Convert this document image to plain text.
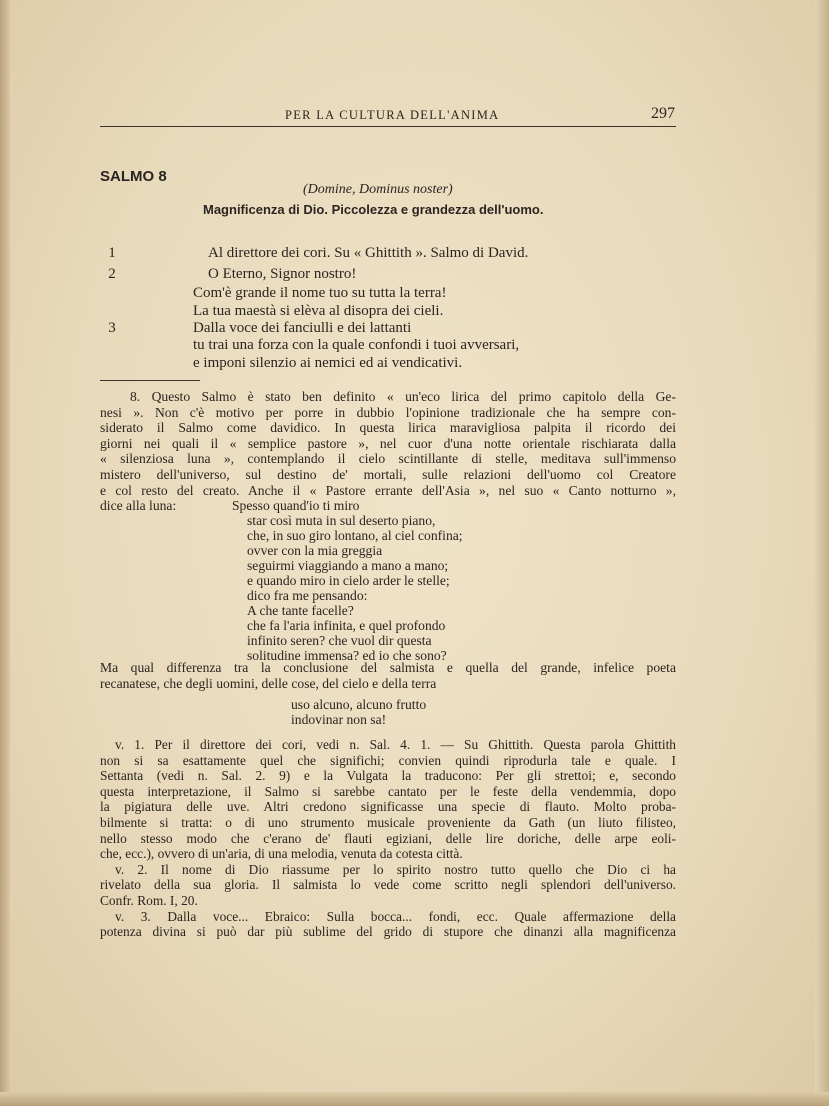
PER LA CULTURA DELL'ANIMA	297
SALMO 8
(Domine, Dominus noster)
Magnificenza di Dio. Piccolezza e grandezza dell'uomo.
1	Al direttore dei cori. Su « Ghittith ». Salmo di David.
2	O Eterno, Signor nostro!
Com'è grande il nome tuo su tutta la terra!
La tua maestà si elèva al disopra dei cieli.
3	Dalla voce dei fanciulli e dei lattanti
tu trai una forza con la quale confondi i tuoi avversari,
e imponi silenzio ai nemici ed ai vendicativi.
8. Questo Salmo è stato ben definito « un'eco lirica del primo capitolo della Ge-
nesi ». Non c'è motivo per porre in dubbio l'opinione tradizionale che ha sempre con-
siderato il Salmo come davidico. In questa lirica maravigliosa palpita il ricordo dei
giorni nei quali il « semplice pastore », nel cuor d'una notte orientale rischiarata dalla
« silenziosa luna », contemplando il cielo scintillante di stelle, meditava sull'immenso
mistero dell'universo, sul destino de' mortali, sulle relazioni dell'uomo col Creatore
e col resto del creato. Anche il « Pastore errante dell'Asia », nel suo « Canto notturno »,
dice alla luna:	Spesso quand'io ti miro
star così muta in sul deserto piano,
che, in suo giro lontano, al ciel confina;
ovver con la mia greggia
seguirmi viaggiando a mano a mano;
e quando miro in cielo arder le stelle;
dico fra me pensando:
A che tante facelle?
che fa l'aria infinita, e quel profondo
infinito seren? che vuol dir questa
solitudine immensa? ed io che sono?
Ma qual differenza tra la conclusione del salmista e quella del grande, infelice poeta
recanatese, che degli uomini, delle cose, del cielo e della terra
uso alcuno, alcuno frutto
indovinar non sa!
v. 1. Per il direttore dei cori, vedi n. Sal. 4. 1. — Su Ghittith. Questa parola Ghittith
non si sa esattamente quel che significhi; convien quindi riprodurla tale e quale. I
Settanta (vedi n. Sal. 2. 9) e la Vulgata la traducono: Per gli strettoi; e, secondo
questa interpretazione, il Salmo si sarebbe cantato per le feste della vendemmia, dopo
la pigiatura delle uve. Altri credono significasse una specie di flauto. Molto proba-
bilmente si tratta: o di uno strumento musicale proveniente da Gath (un liuto filisteo,
nello stesso modo che c'erano de' flauti egiziani, delle lire doriche, delle arpe eoli-
che, ecc.), ovvero di un'aria, di una melodia, venuta da cotesta città.
v. 2. Il nome di Dio riassume per lo spirito nostro tutto quello che Dio ci ha
rivelato della sua gloria. Il salmista lo vede come scritto negli splendori dell'universo.
Confr. Rom. I, 20.
v. 3. Dalla voce... Ebraico: Sulla bocca... fondi, ecc. Quale affermazione della
potenza divina si può dar più sublime del grido di stupore che dinanzi alla magnificenza
